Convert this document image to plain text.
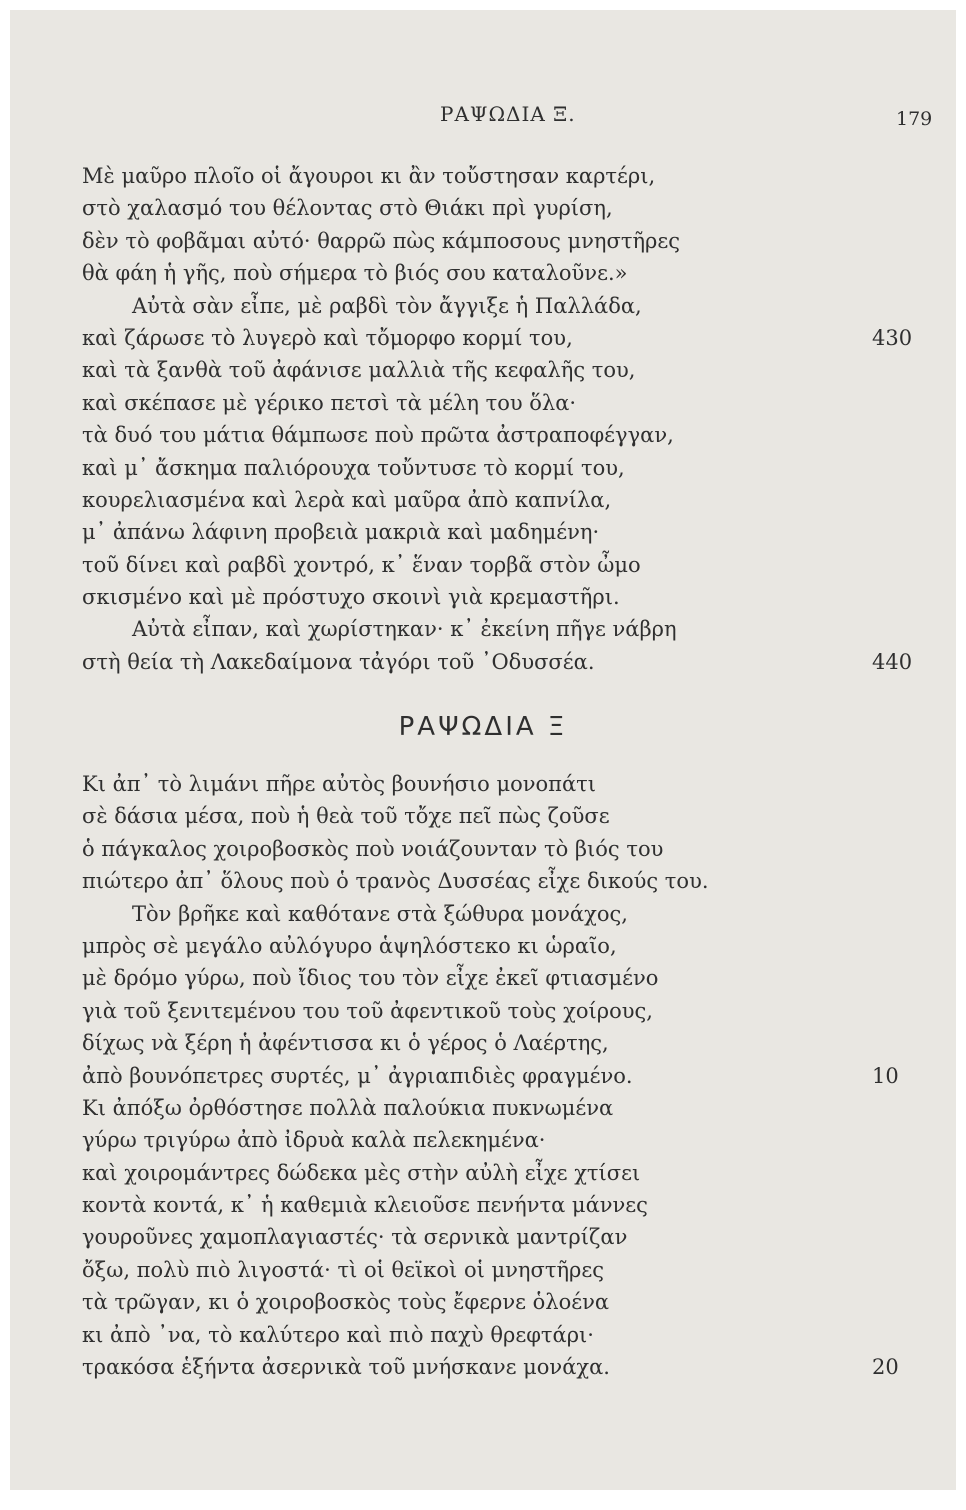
ΡΑΨΩΔΙΑ Ξ.	179
Μὲ μαῦρο πλοῖο οἱ ἄγουροι κι ἂν τοὔστησαν καρτέρι,
στὸ χαλασμό του θέλοντας στὸ Θιάκι πρὶ γυρίση,
δὲν τὸ φοβᾶμαι αὐτό· θαρρῶ πὼς κάμποσους μνηστῆρες
θὰ φάη ἡ γῆς, ποὺ σήμερα τὸ βιός σου καταλοῦνε.»
Αὐτὰ σὰν εἶπε, μὲ ραβδὶ τὸν ἄγγιξε ἡ Παλλάδα,
καὶ ζάρωσε τὸ λυγερὸ καὶ τὄμορφο κορμί του,	430
καὶ τὰ ξανθὰ τοῦ ἀφάνισε μαλλιὰ τῆς κεφαλῆς του,
καὶ σκέπασε μὲ γέρικο πετσὶ τὰ μέλη του ὅλα·
τὰ δυό του μάτια θάμπωσε ποὺ πρῶτα ἀστραποφέγγαν,
καὶ μ᾿ ἄσκημα παλιόρουχα τοὔντυσε τὸ κορμί του,
κουρελιασμένα καὶ λερὰ καὶ μαῦρα ἀπὸ καπνίλα,
μ᾿ ἀπάνω λάφινη προβειὰ μακριὰ καὶ μαδημένη·
τοῦ δίνει καὶ ραβδὶ χοντρό, κ᾿ ἕναν τορβᾶ στὸν ὦμο
σκισμένο καὶ μὲ πρόστυχο σκοινὶ γιὰ κρεμαστῆρι.
Αὐτὰ εἶπαν, καὶ χωρίστηκαν· κ᾿ ἐκείνη πῆγε νάβρη
στὴ θεία τὴ Λακεδαίμονα τἀγόρι τοῦ ᾿Οδυσσέα.	440
ΡΑΨΩΔΙΑ Ξ
Κι ἀπ᾿ τὸ λιμάνι πῆρε αὐτὸς βουνήσιο μονοπάτι
σὲ δάσια μέσα, ποὺ ἡ θεὰ τοῦ τὄχε πεῖ πὼς ζοῦσε
ὁ πάγκαλος χοιροβοσκὸς ποὺ νοιάζουνταν τὸ βιός του
πιώτερο ἀπ᾿ ὅλους ποὺ ὁ τρανὸς Δυσσέας εἶχε δικούς του.
Τὸν βρῆκε καὶ καθότανε στὰ ξώθυρα μονάχος,
μπρὸς σὲ μεγάλο αὐλόγυρο ἁψηλόστεκο κι ὡραῖο,
μὲ δρόμο γύρω, ποὺ ἴδιος του τὸν εἶχε ἐκεῖ φτιασμένο
γιὰ τοῦ ξενιτεμένου του τοῦ ἀφεντικοῦ τοὺς χοίρους,
δίχως νὰ ξέρη ἡ ἀφέντισσα κι ὁ γέρος ὁ Λαέρτης,
ἀπὸ βουνόπετρες συρτές, μ᾿ ἀγριαπιδιὲς φραγμένο.	10
Κι ἀπόξω ὀρθόστησε πολλὰ παλούκια πυκνωμένα
γύρω τριγύρω ἀπὸ ἰδρυὰ καλὰ πελεκημένα·
καὶ χοιρομάντρες δώδεκα μὲς στὴν αὐλὴ εἶχε χτίσει
κοντὰ κοντά, κ᾿ ἡ καθεμιὰ κλειοῦσε πενήντα μάννες
γουροῦνες χαμοπλαγιαστές· τὰ σερνικὰ μαντρίζαν
ὄξω, πολὺ πιὸ λιγοστά· τὶ οἱ θεϊκοὶ οἱ μνηστῆρες
τὰ τρῶγαν, κι ὁ χοιροβοσκὸς τοὺς ἔφερνε ὁλοένα
κι ἀπὸ ᾿να, τὸ καλύτερο καὶ πιὸ παχὺ θρεφτάρι·
τρακόσα ἑξήντα ἀσερνικὰ τοῦ μνήσκανε μονάχα.	20
